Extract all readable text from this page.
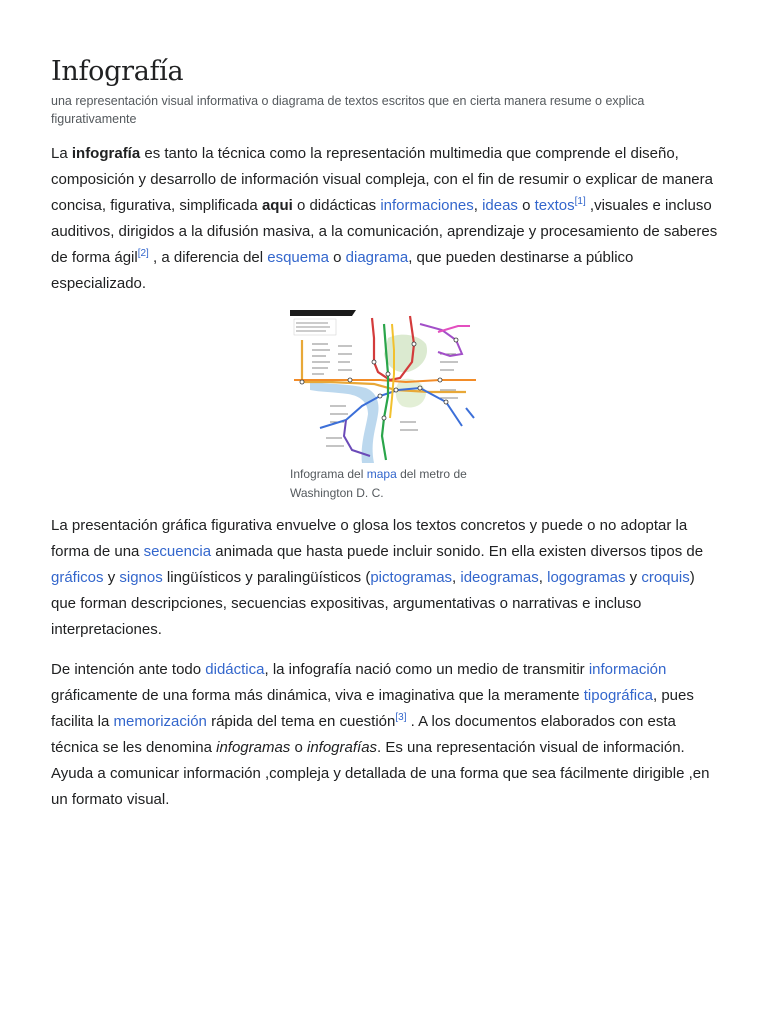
Infografía

una representación visual informativa o diagrama de textos escritos que en cierta manera resume o explica figurativamente

La infografía es tanto la técnica como la representación multimedia que comprende el diseño, composición y desarrollo de información visual compleja, con el fin de resumir o explicar de manera concisa, figurativa, simplificada aqui o didácticas informaciones, ideas o textos[1] ,visuales e incluso auditivos, dirigidos a la difusión masiva, a la comunicación, aprendizaje y procesamiento de saberes de forma ágil[2] , a diferencia del esquema o diagrama, que pueden destinarse a público especializado.

Infograma del mapa del metro de Washington D. C.

La presentación gráfica figurativa envuelve o glosa los textos concretos y puede o no adoptar la forma de una secuencia animada que hasta puede incluir sonido. En ella existen diversos tipos de gráficos y signos lingüísticos y paralingüísticos (pictogramas, ideogramas, logogramas y croquis) que forman descripciones, secuencias expositivas, argumentativas o narrativas e incluso interpretaciones.

De intención ante todo didáctica, la infografía nació como un medio de transmitir información gráficamente de una forma más dinámica, viva e imaginativa que la meramente tipográfica, pues facilita la memorización rápida del tema en cuestión[3] . A los documentos elaborados con esta técnica se les denomina infogramas o infografías. Es una representación visual de información. Ayuda a comunicar información ,compleja y detallada de una forma que sea fácilmente dirigible ,en un formato visual.
